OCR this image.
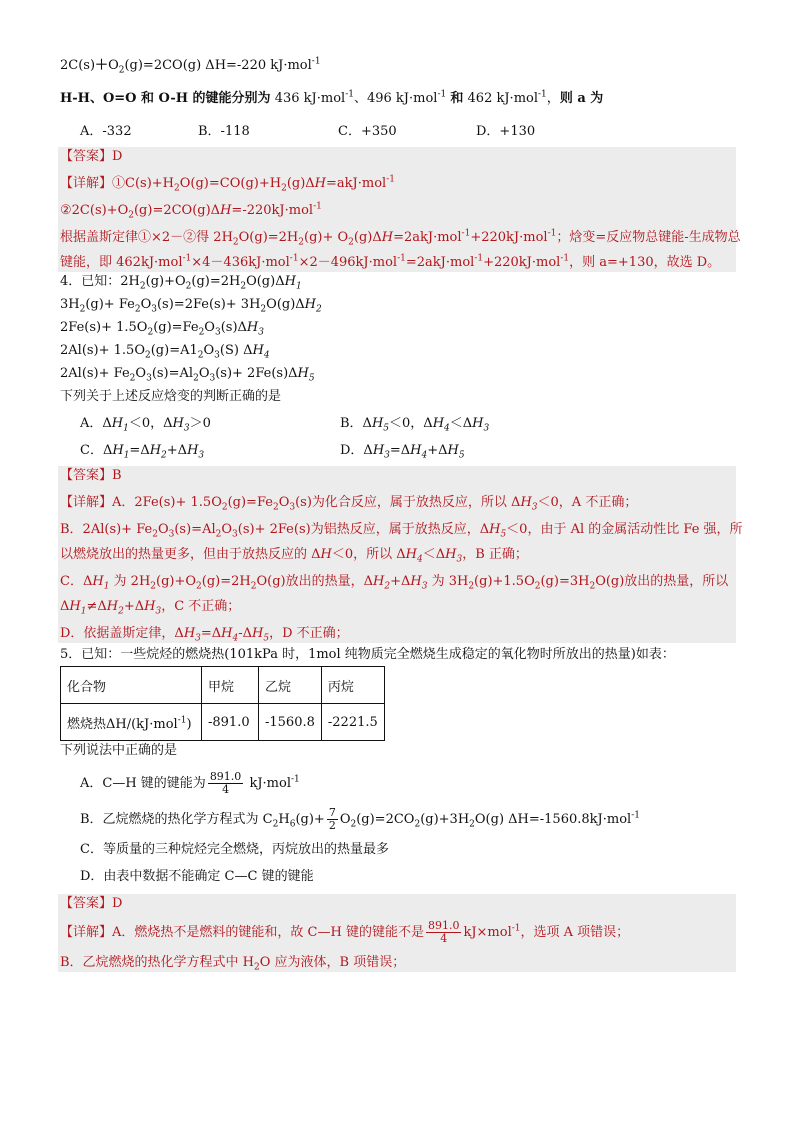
$2C(s)+O_2(g)=2CO(g)$ ΔH=-220 kJ·mol$^{-1}$
H-H、O=O 和 O-H 的键能分别为 436 kJ·mol$^{-1}$、496 kJ·mol$^{-1}$ 和 462 kJ·mol$^{-1}$，则 a 为
A．-332	B．-118	C．+350	D．+130
【答案】D
【详解】$①C(s)+H_2O(g)=CO(g)+H_2(g)\Delta H=akJ\cdot mol^{-1}$
$②2C(s)+O_2(g)=2CO(g)\Delta H=-220kJ\cdot mol^{-1}$
根据盖斯定律①×2－②得 $2H_2O(g)=2H_2(g)+ O_2(g)\Delta H=2akJ\cdot mol^{-1}+220kJ\cdot mol^{-1}$；焓变=反应物总键能-生成物总
键能，即 462kJ·mol$^{-1}$×4－436kJ·mol$^{-1}$×2－496kJ·mol$^{-1}$=2akJ·mol$^{-1}$+220kJ·mol$^{-1}$，则 a=+130，故选 D。
4．已知：$2H_2(g)+O_2(g)=2H_2O(g)\Delta H_1$
$3H_2(g)+ Fe_2O_3(s)=2Fe(s)+ 3H_2O(g)\Delta H_2$
$2Fe(s)+ 1.5O_2(g)=Fe_2O_3(s)\Delta H_3$
$2Al(s)+ 1.5O_2(g)=A1_2O_3(S)$ $\Delta H_4$
$2Al(s)+ Fe_2O_3(s)=Al_2O_3(s)+ 2Fe(s)\Delta H_5$
下列关于上述反应焓变的判断正确的是
A．$\Delta H_1<0$，$\Delta H_3>0$	B．$\Delta H_5<0$，$\Delta H_4<\Delta H_3$
C．$\Delta H_1=\Delta H_2+\Delta H_3$	D．$\Delta H_3=\Delta H_4+\Delta H_5$
【答案】B
【详解】A．$2Fe(s)+ 1.5O_2(g)=Fe_2O_3(s)$为化合反应，属于放热反应，所以 $\Delta H_3<0$，A 不正确；
B．$2Al(s)+ Fe_2O_3(s)=Al_2O_3(s)+ 2Fe(s)$为铝热反应，属于放热反应，$\Delta H_5<0$，由于 Al 的金属活动性比 Fe 强，所
以燃烧放出的热量更多，但由于放热反应的 ΔH＜0，所以 $\Delta H_4<\Delta H_3$，B 正确；
C．$\Delta H_1$ 为 $2H_2(g)+O_2(g)=2H_2O(g)$放出的热量，$\Delta H_2+\Delta H_3$ 为 $3H_2(g)+1.5O_2(g)=3H_2O(g)$放出的热量，所以
$\Delta H_1\ne\Delta H_2+\Delta H_3$，C 不正确；
D．依据盖斯定律，$\Delta H_3=\Delta H_4-\Delta H_5$，D 不正确；
5．已知：一些烷烃的燃烧热(101kPa 时，1mol 纯物质完全燃烧生成稳定的氧化物时所放出的热量)如表：
化合物	甲烷	乙烷	丙烷
燃烧热ΔH/(kJ·mol$^{-1}$)	-891.0	-1560.8	-2221.5
下列说法中正确的是
A．C—H 键的键能为 $\frac{891.0}{4} kJ\cdot mol^{-1}$
B．乙烷燃烧的热化学方程式为 $C_2H_6(g)+ \frac{7}{2} O_2(g)=2CO_2(g)+3H_2O(g)$ ΔH=-1560.8kJ·mol$^{-1}$
C．等质量的三种烷烃完全燃烧，丙烷放出的热量最多
D．由表中数据不能确定 C—C 键的键能
【答案】D
【详解】A．燃烧热不是燃料的键能和，故 C—H 键的键能不是 $\frac{891.0}{4} kJ\times mol^{-1}$，选项 A 项错误；
B．乙烷燃烧的热化学方程式中 $H_2O$ 应为液体，B 项错误；
